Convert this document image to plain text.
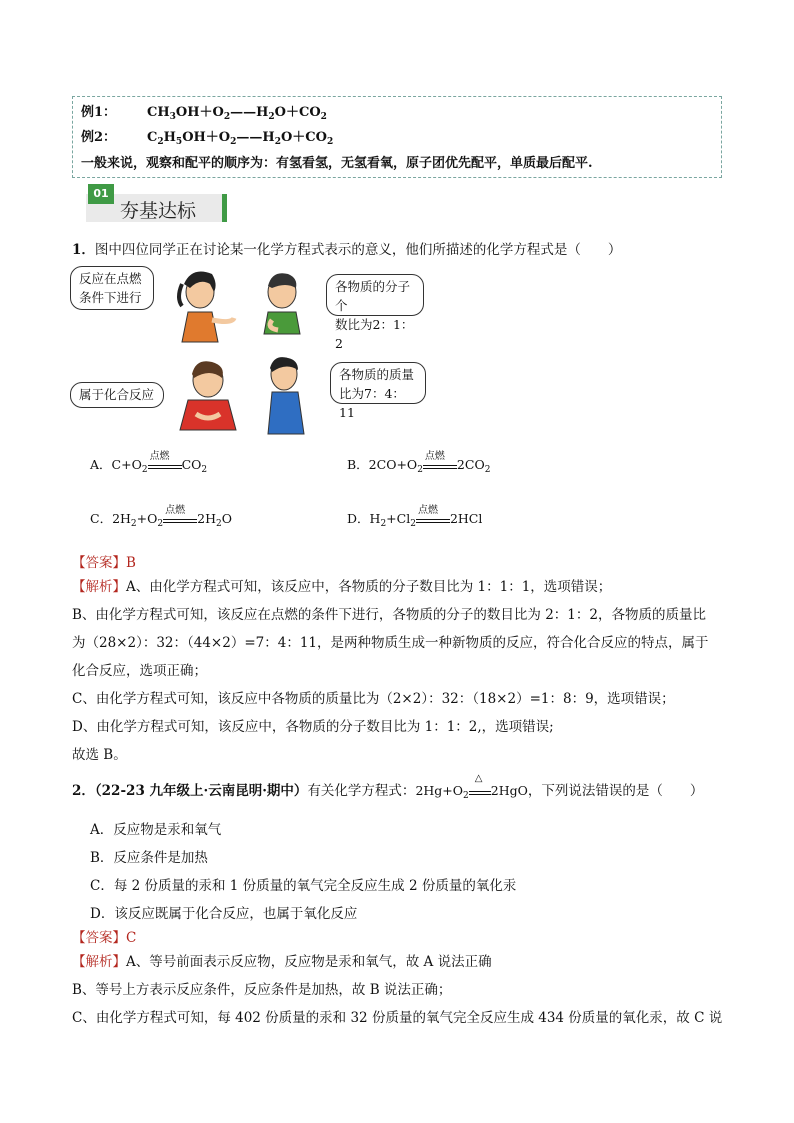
例1： $CH_3OH+O_2——H_2O+CO_2$
例2： $C_2H_5OH+O_2——H_2O+CO_2$
一般来说，观察和配平的顺序为：有氢看氢，无氢看氧，原子团优先配平，单质最后配平.
01
夯基达标
1．图中四位同学正在讨论某一化学方程式表示的意义，他们所描述的化学方程式是（　　）
反应在点燃
条件下进行
各物质的分子个
数比为2：1：2
属于化合反应
各物质的质量
比为7：4：11
A．$C+O_2$
点燃
$CO_2$	B．$2CO+O_2$
点燃
$2CO_2$
C．$2H_2+O_2$
点燃
$2H_2O$	D．$H_2+Cl_2$
点燃
2HCl
【答案】B
【解析】A、由化学方程式可知，该反应中，各物质的分子数目比为 1：1：1，选项错误；
B、由化学方程式可知，该反应在点燃的条件下进行，各物质的分子的数目比为 2：1：2，各物质的质量比
为（28×2）：32：（44×2）=7：4：11，是两种物质生成一种新物质的反应，符合化合反应的特点，属于
化合反应，选项正确；
C、由化学方程式可知，该反应中各物质的质量比为（2×2）：32：（18×2）=1：8：9，选项错误；
D、由化学方程式可知，该反应中，各物质的分子数目比为 1：1：2,，选项错误;
故选 B。
2．（22-23 九年级上·云南昆明·期中）有关化学方程式：$2Hg+O_2$
△
2HgO，下列说法错误的是（　　）
A．反应物是汞和氧气
B．反应条件是加热
C．每 2 份质量的汞和 1 份质量的氧气完全反应生成 2 份质量的氧化汞
D．该反应既属于化合反应，也属于氧化反应
【答案】C
【解析】A、等号前面表示反应物，反应物是汞和氧气，故 A 说法正确
B、等号上方表示反应条件，反应条件是加热，故 B 说法正确；
C、由化学方程式可知，每 402 份质量的汞和 32 份质量的氧气完全反应生成 434 份质量的氧化汞，故 C 说
